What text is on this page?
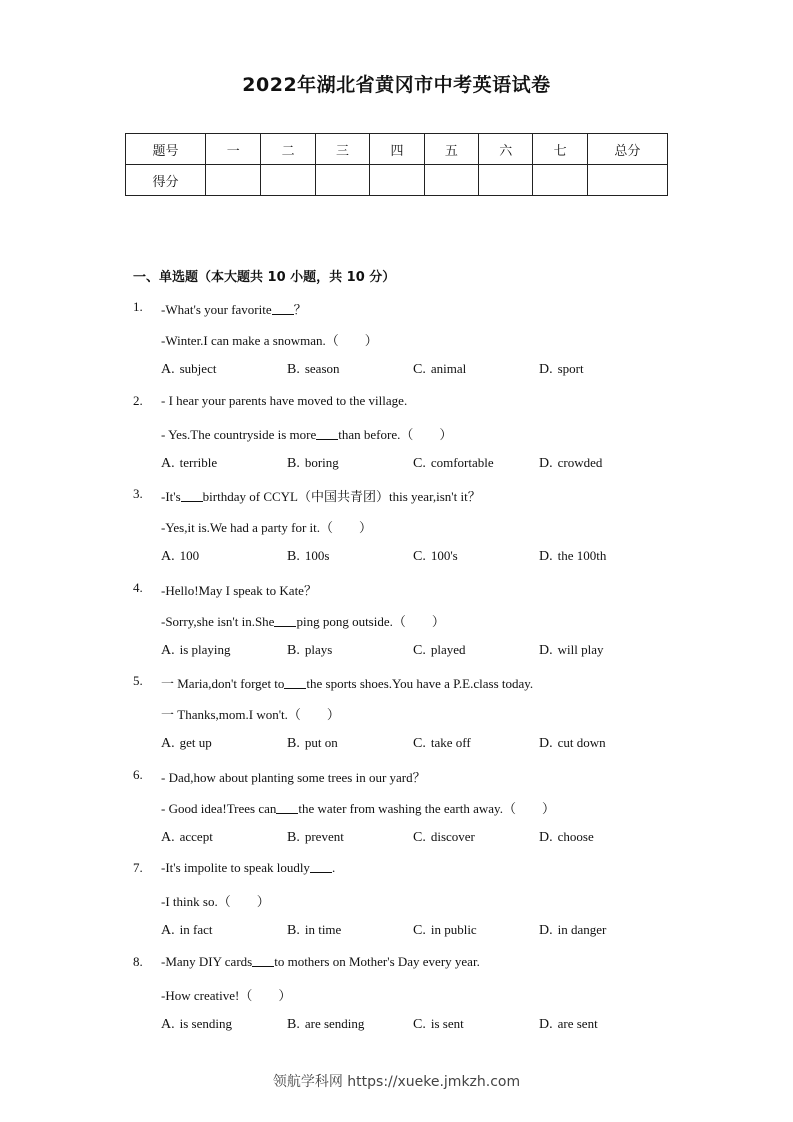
2022年湖北省黄冈市中考英语试卷
题号	一	二	三	四	五	六	七	总分
得分								
一、单选题（本大题共 10 小题，共 10 分）
1. -What's your favorite ？
-Winter.I can make a snowman.（　　）
A. subject	B. season	C. animal	D. sport
2. - I hear your parents have moved to the village.
- Yes.The countryside is more than before.（　　）
A. terrible	B. boring	C. comfortable	D. crowded
3. -It's birthday of CCYL（中国共青团）this year,isn't it？
-Yes,it is.We had a party for it.（　　）
A. 100	B. 100s	C. 100's	D. the 100th
4. -Hello!May I speak to Kate？
-Sorry,she isn't in.She ping pong outside.（　　）
A. is playing	B. plays	C. played	D. will play
5. 一 Maria,don't forget to the sports shoes.You have a P.E.class today.
一 Thanks,mom.I won't.（　　）
A. get up	B. put on	C. take off	D. cut down
6. - Dad,how about planting some trees in our yard？
- Good idea!Trees can the water from washing the earth away.（　　）
A. accept	B. prevent	C. discover	D. choose
7. -It's impolite to speak loudly .
-I think so.（　　）
A. in fact	B. in time	C. in public	D. in danger
8. -Many DIY cards to mothers on Mother's Day every year.
-How creative!（　　）
A. is sending	B. are sending	C. is sent	D. are sent
领航学科网 https://xueke.jmkzh.com
